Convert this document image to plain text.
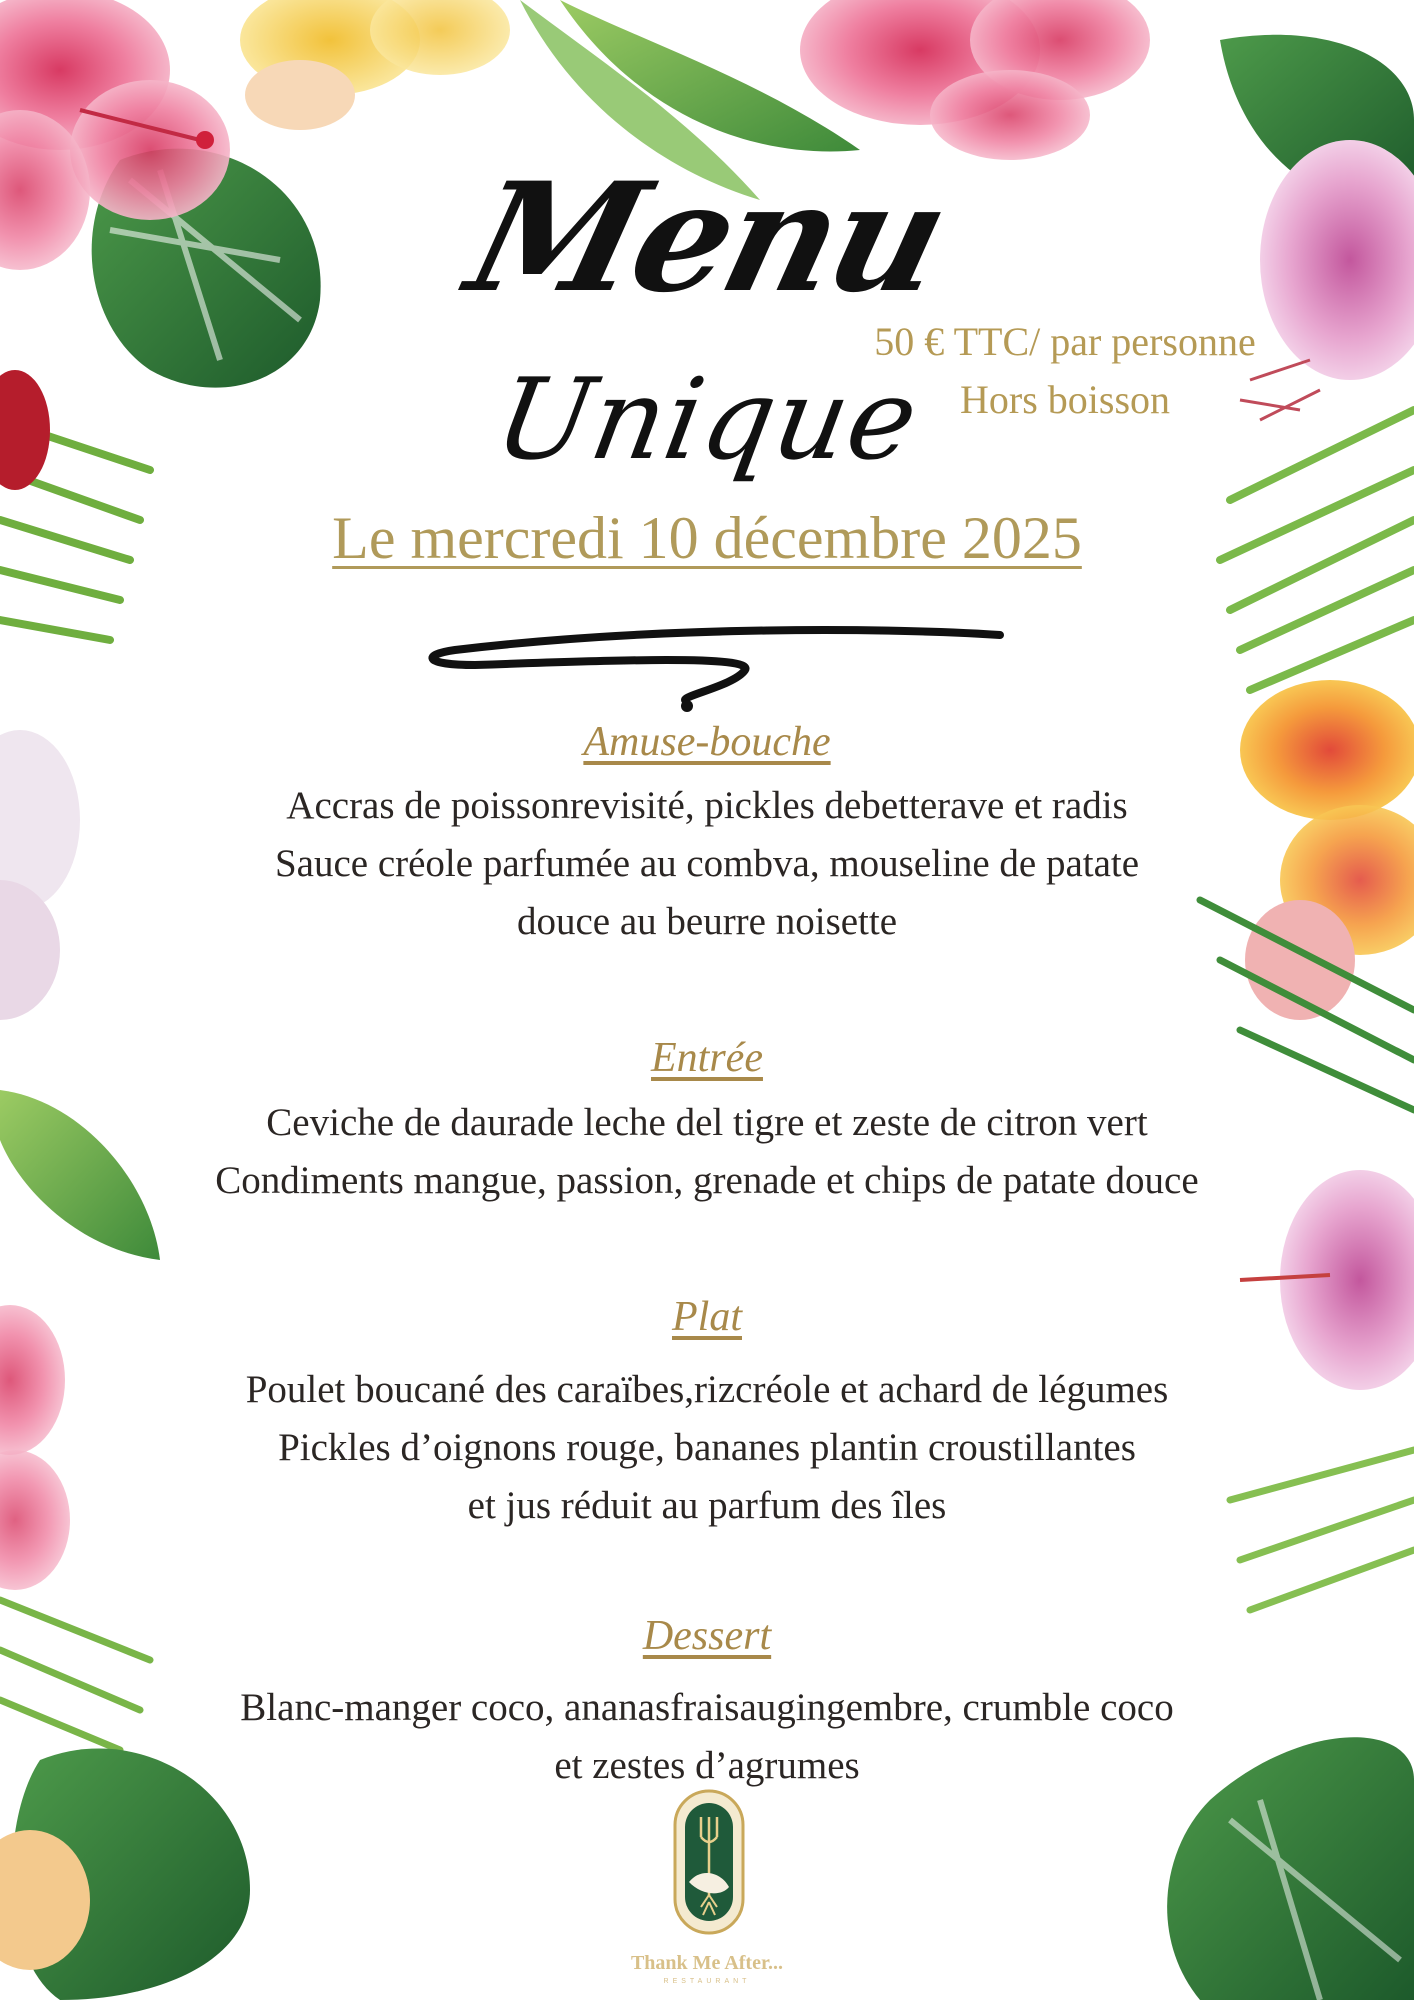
Menu
Unique
50 € TTC/ par personne
Hors boisson
Le mercredi 10 décembre 2025
Amuse-bouche
Accras de poissonrevisité, pickles debetterave et radis
Sauce créole parfumée au combva, mouseline de patate
douce au beurre noisette
Entrée
Ceviche de daurade leche del tigre et zeste de citron vert
Condiments mangue, passion, grenade et chips de patate douce
Plat
Poulet boucané des caraïbes,rizcréole et achard de légumes
Pickles d’oignons rouge, bananes plantin croustillantes
et jus réduit au parfum des îles
Dessert
Blanc-manger coco, ananasfraisaugingembre, crumble coco
et zestes d’agrumes
Thank Me After...
RESTAURANT
